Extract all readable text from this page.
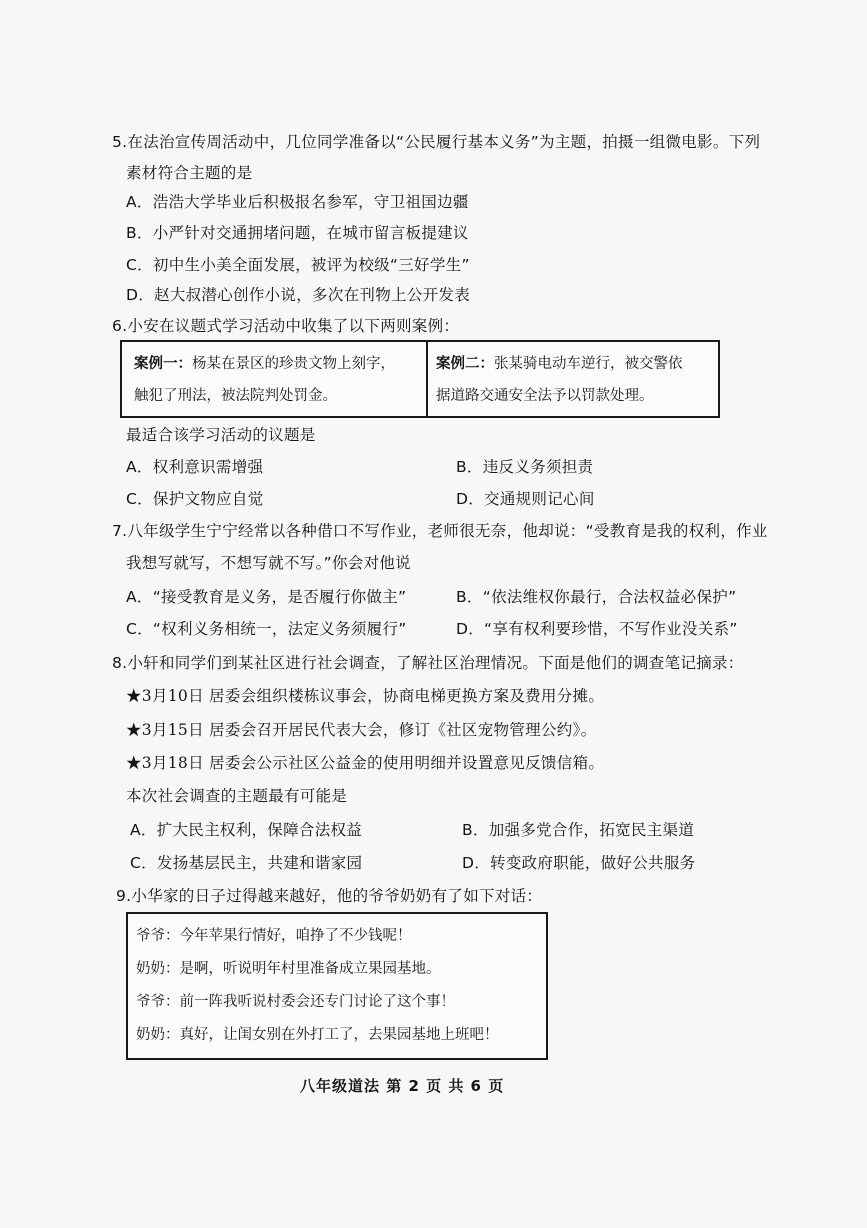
5.在法治宣传周活动中，几位同学准备以“公民履行基本义务”为主题，拍摄一组微电影。下列
素材符合主题的是
A．浩浩大学毕业后积极报名参军，守卫祖国边疆
B．小严针对交通拥堵问题，在城市留言板提建议
C．初中生小美全面发展，被评为校级“三好学生”
D．赵大叔潜心创作小说，多次在刊物上公开发表
6.小安在议题式学习活动中收集了以下两则案例：
案例一：杨某在景区的珍贵文物上刻字，
触犯了刑法，被法院判处罚金。
案例二：张某骑电动车逆行，被交警依
据道路交通安全法予以罚款处理。
最适合该学习活动的议题是
A．权利意识需增强	B．违反义务须担责
C．保护文物应自觉	D．交通规则记心间
7.八年级学生宁宁经常以各种借口不写作业，老师很无奈，他却说：“受教育是我的权利，作业
我想写就写，不想写就不写。”你会对他说
A．“接受教育是义务，是否履行你做主”	B．“依法维权你最行，合法权益必保护”
C．“权利义务相统一，法定义务须履行”	D．“享有权利要珍惜，不写作业没关系”
8.小轩和同学们到某社区进行社会调查，了解社区治理情况。下面是他们的调查笔记摘录：
★3月10日 居委会组织楼栋议事会，协商电梯更换方案及费用分摊。
★3月15日 居委会召开居民代表大会，修订《社区宠物管理公约》。
★3月18日 居委会公示社区公益金的使用明细并设置意见反馈信箱。
本次社会调查的主题最有可能是
A．扩大民主权利，保障合法权益	B．加强多党合作，拓宽民主渠道
C．发扬基层民主，共建和谐家园	D．转变政府职能，做好公共服务
9.小华家的日子过得越来越好，他的爷爷奶奶有了如下对话：
爷爷：今年苹果行情好，咱挣了不少钱呢！
奶奶：是啊，听说明年村里准备成立果园基地。
爷爷：前一阵我听说村委会还专门讨论了这个事！
奶奶：真好，让闺女别在外打工了，去果园基地上班吧！
八年级道法 第 2 页 共 6 页
